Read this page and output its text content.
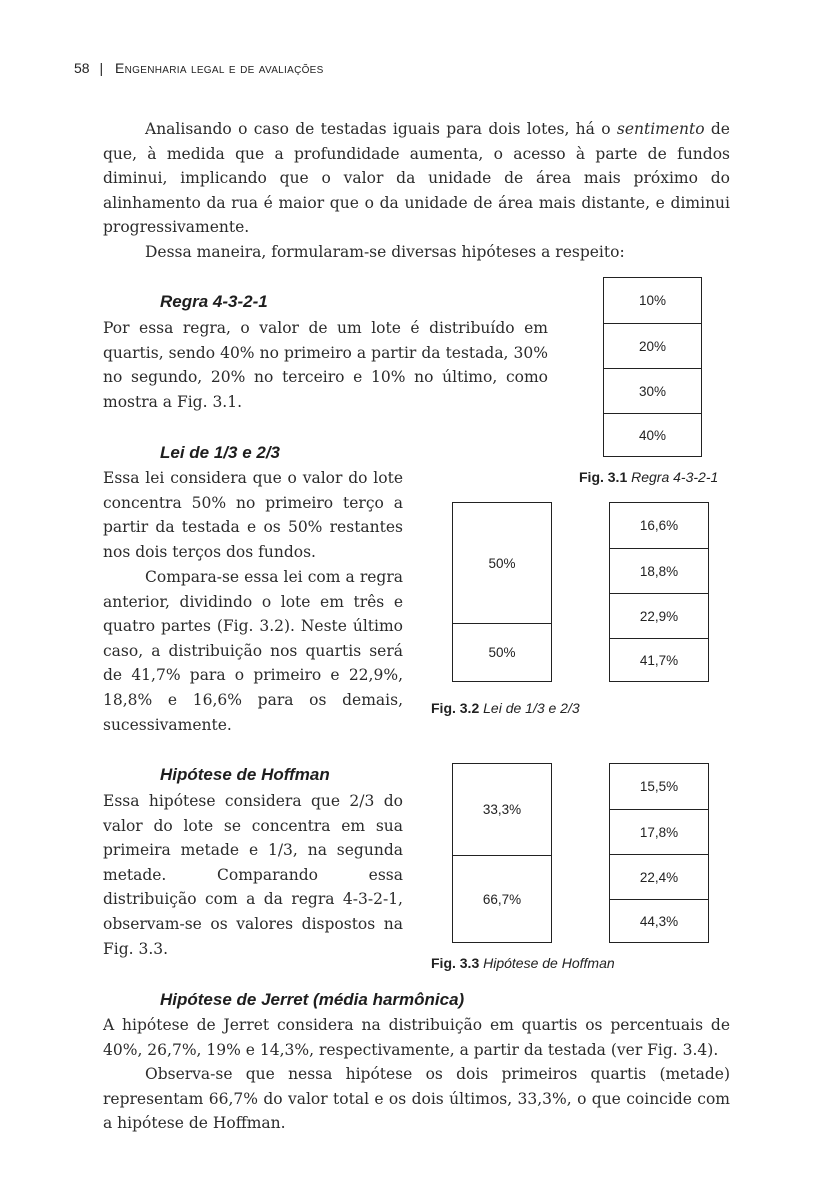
58 | Engenharia legal e de avaliações
Analisando o caso de testadas iguais para dois lotes, há o sentimento de que, à medida que a profundidade aumenta, o acesso à parte de fundos diminui, implicando que o valor da unidade de área mais próximo do alinhamento da rua é maior que o da unidade de área mais distante, e diminui progressivamente.
Dessa maneira, formularam-se diversas hipóteses a respeito:
Regra 4-3-2-1
Por essa regra, o valor de um lote é distribuído em quartis, sendo 40% no primeiro a partir da testada, 30% no segundo, 20% no terceiro e 10% no último, como mostra a Fig. 3.1.
10%
20%
30%
40%
Fig. 3.1 Regra 4-3-2-1
Lei de 1/3 e 2/3
Essa lei considera que o valor do lote concentra 50% no primeiro terço a partir da testada e os 50% restantes nos dois terços dos fundos.
Compara-se essa lei com a regra anterior, dividindo o lote em três e quatro partes (Fig. 3.2). Neste último caso, a distribuição nos quartis será de 41,7% para o primeiro e 22,9%, 18,8% e 16,6% para os demais, sucessivamente.
50%
50%
16,6%
18,8%
22,9%
41,7%
Fig. 3.2 Lei de 1/3 e 2/3
Hipótese de Hoffman
Essa hipótese considera que 2/3 do valor do lote se concentra em sua primeira metade e 1/3, na segunda metade. Comparando essa distribuição com a da regra 4-3-2-1, observam-se os valores dispostos na Fig. 3.3.
33,3%
66,7%
15,5%
17,8%
22,4%
44,3%
Fig. 3.3 Hipótese de Hoffman
Hipótese de Jerret (média harmônica)
A hipótese de Jerret considera na distribuição em quartis os percentuais de 40%, 26,7%, 19% e 14,3%, respectivamente, a partir da testada (ver Fig. 3.4).
Observa-se que nessa hipótese os dois primeiros quartis (metade) representam 66,7% do valor total e os dois últimos, 33,3%, o que coincide com a hipótese de Hoffman.
